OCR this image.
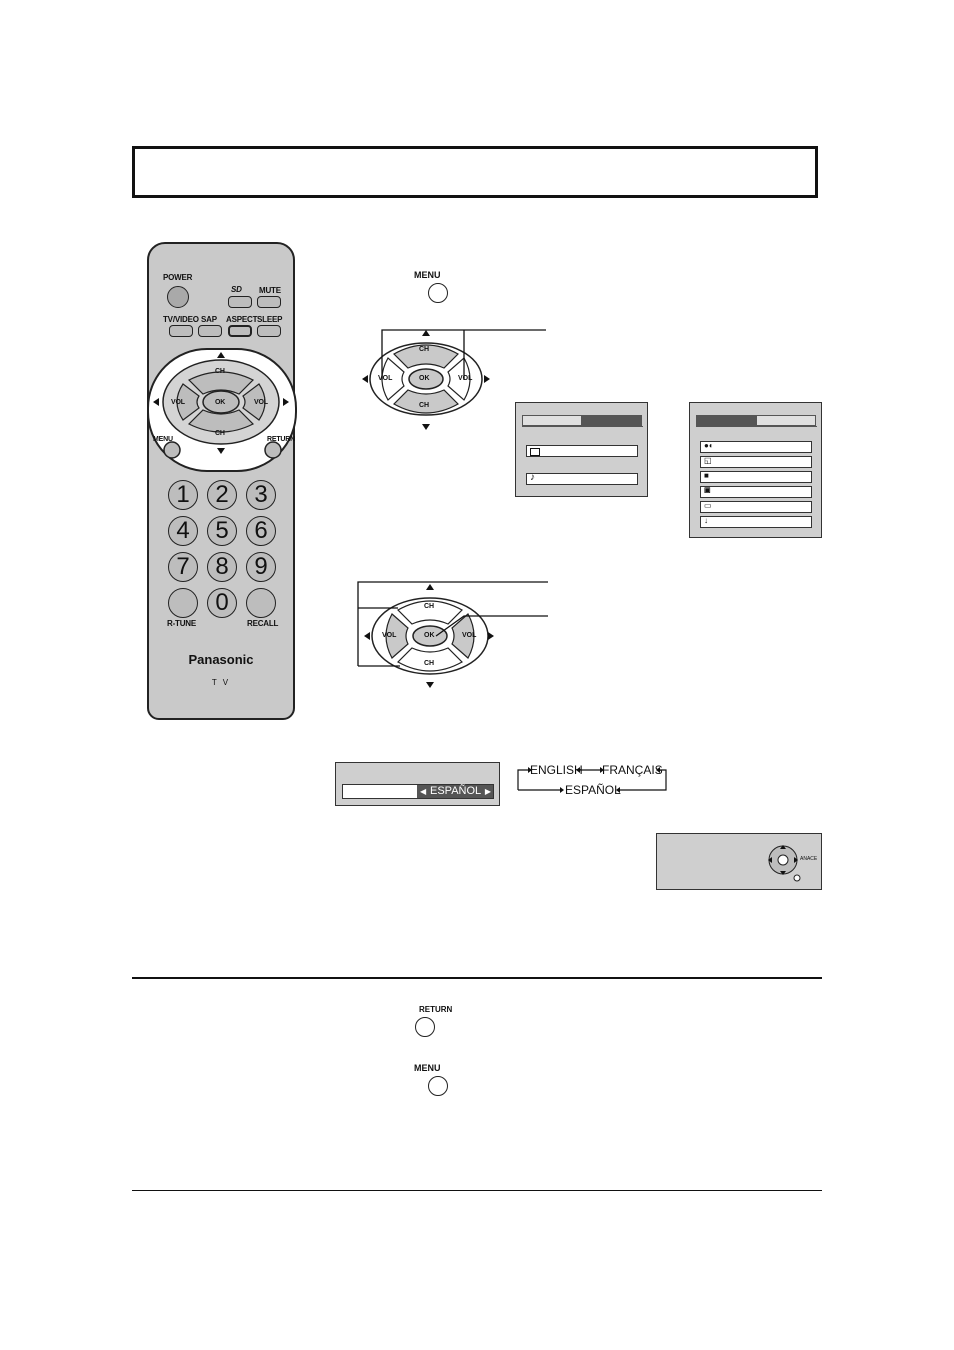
POWER
SD MUTE
TV/VIDEO SAP ASPECT SLEEP
CH
CH
VOL	VOL
OK
MENU	RETURN
1	2	3
4	5	6
7	8	9
0
R-TUNE	RECALL
Panasonic
T V
MENU
CH
CH
VOL	VOL
OK
♪
●◐
◱
■
▣
▭
↓
CH
CH
VOL	VOL
OK
◀ ESPAÑOL ▶
ENGLISH FRANÇAIS
ESPAÑOL
ANACE
RETURN
MENU
